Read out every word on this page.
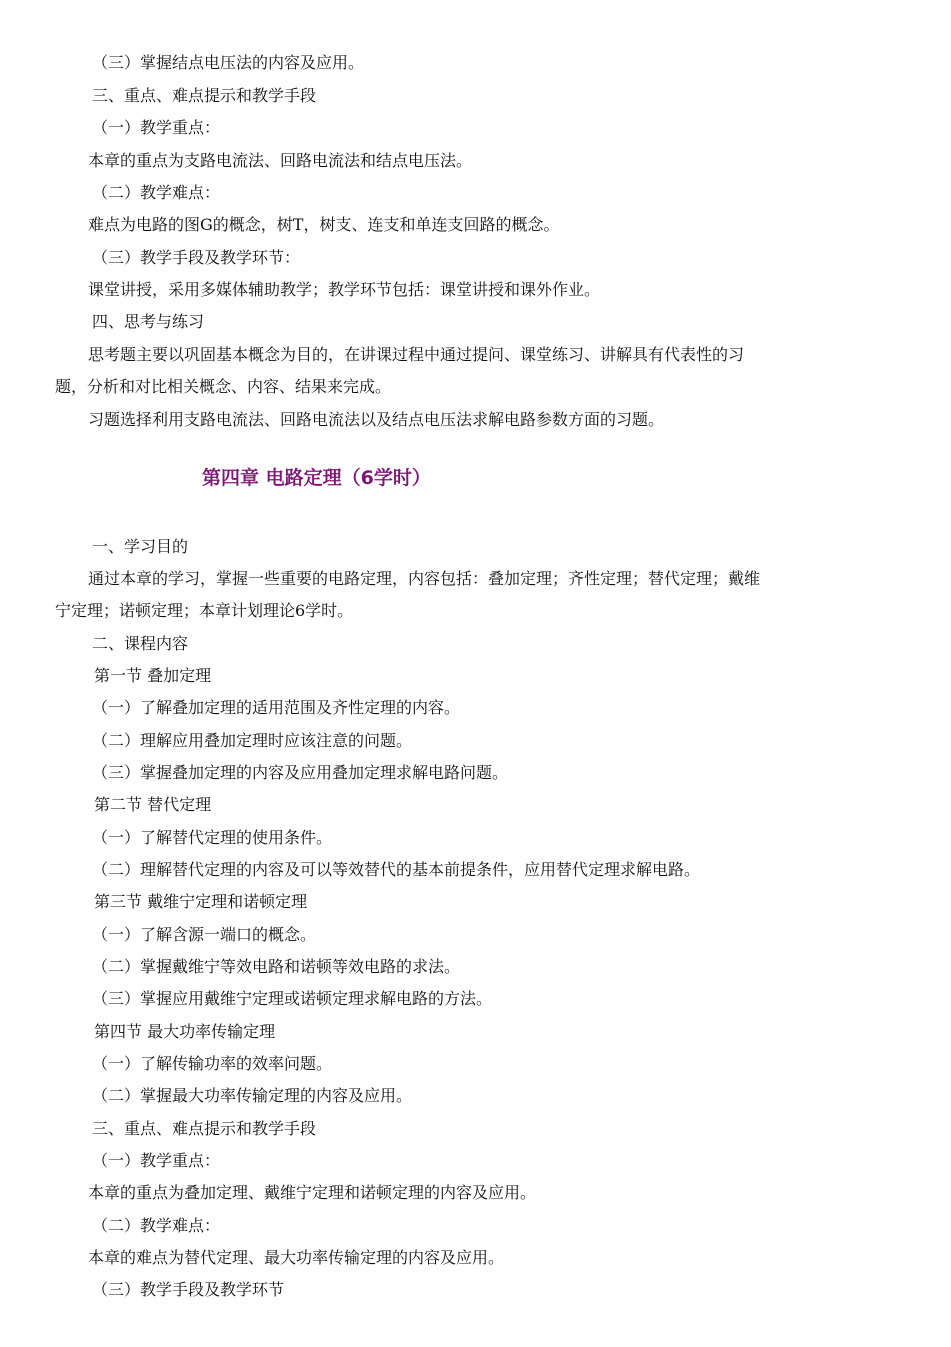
（三）掌握结点电压法的内容及应用。
三、重点、难点提示和教学手段
（一）教学重点：
本章的重点为支路电流法、回路电流法和结点电压法。
（二）教学难点：
难点为电路的图G的概念，树T，树支、连支和单连支回路的概念。
（三）教学手段及教学环节：
课堂讲授，采用多媒体辅助教学；教学环节包括：课堂讲授和课外作业。
四、思考与练习
思考题主要以巩固基本概念为目的，在讲课过程中通过提问、课堂练习、讲解具有代表性的习
题，分析和对比相关概念、内容、结果来完成。
习题选择利用支路电流法、回路电流法以及结点电压法求解电路参数方面的习题。
第四章 电路定理（6学时）
一、学习目的
通过本章的学习，掌握一些重要的电路定理，内容包括：叠加定理；齐性定理；替代定理；戴维
宁定理；诺顿定理；本章计划理论6学时。
二、课程内容
第一节 叠加定理
（一）了解叠加定理的适用范围及齐性定理的内容。
（二）理解应用叠加定理时应该注意的问题。
（三）掌握叠加定理的内容及应用叠加定理求解电路问题。
第二节 替代定理
（一）了解替代定理的使用条件。
（二）理解替代定理的内容及可以等效替代的基本前提条件，应用替代定理求解电路。
第三节 戴维宁定理和诺顿定理
（一）了解含源一端口的概念。
（二）掌握戴维宁等效电路和诺顿等效电路的求法。
（三）掌握应用戴维宁定理或诺顿定理求解电路的方法。
第四节 最大功率传输定理
（一）了解传输功率的效率问题。
（二）掌握最大功率传输定理的内容及应用。
三、重点、难点提示和教学手段
（一）教学重点：
本章的重点为叠加定理、戴维宁定理和诺顿定理的内容及应用。
（二）教学难点：
本章的难点为替代定理、最大功率传输定理的内容及应用。
（三）教学手段及教学环节
